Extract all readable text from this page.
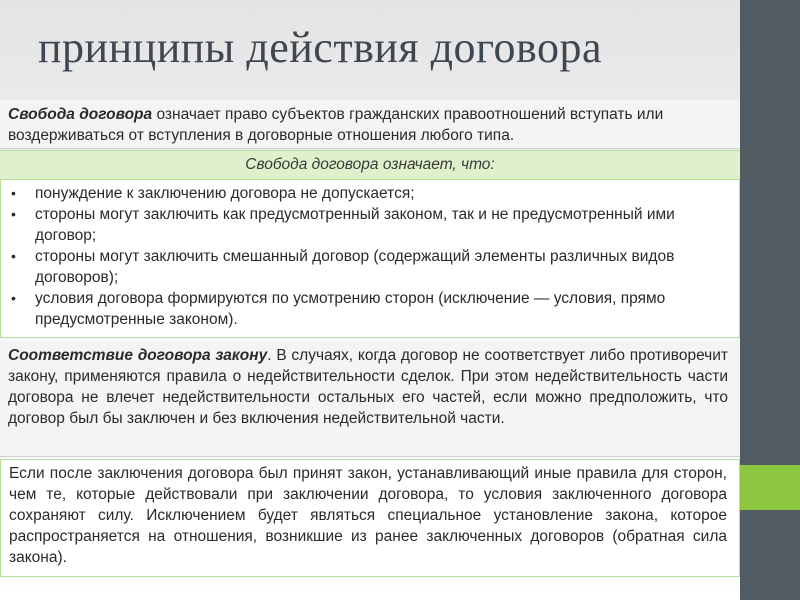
принципы действия договора
Свобода договора означает право субъектов гражданских правоотношений вступать или воздерживаться от вступления в договорные отношения любого типа.
Свобода договора означает, что:
• понуждение к заключению договора не допускается;
• стороны могут заключить как предусмотренный законом, так и не предусмотренный ими договор;
• стороны могут заключить смешанный договор (содержащий элементы различных видов договоров);
• условия договора формируются по усмотрению сторон (исключение — условия, прямо предусмотренные законом).
Соответствие договора закону. В случаях, когда договор не соответствует либо противоречит закону, применяются правила о недействительности сделок. При этом недействительность части договора не влечет недействительности остальных его частей, если можно предположить, что договор был бы заключен и без включения недействительной части.
Если после заключения договора был принят закон, устанавливающий иные правила для сторон, чем те, которые действовали при заключении договора, то условия заключенного договора сохраняют силу. Исключением будет являться специальное установление закона, которое распространяется на отношения, возникшие из ранее заключенных договоров (обратная сила закона).
